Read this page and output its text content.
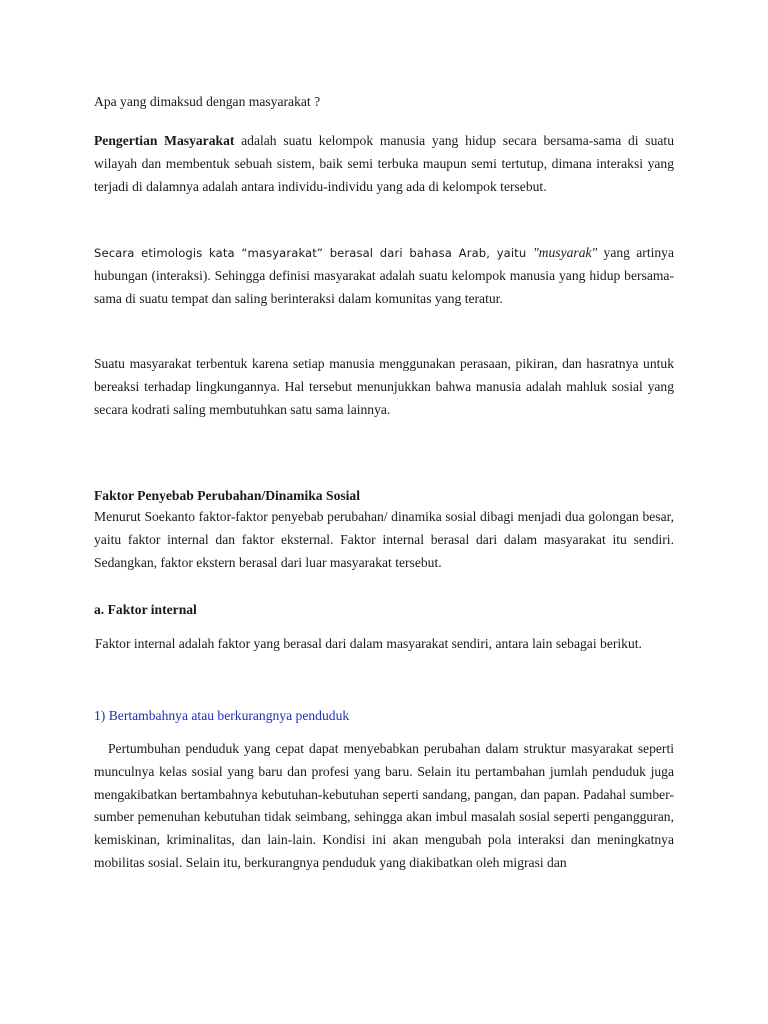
Apa yang dimaksud dengan masyarakat ?

Pengertian Masyarakat adalah suatu kelompok manusia yang hidup secara bersama-sama di suatu wilayah dan membentuk sebuah sistem, baik semi terbuka maupun semi tertutup, dimana interaksi yang terjadi di dalamnya adalah antara individu-individu yang ada di kelompok tersebut.

Secara etimologis kata “masyarakat” berasal dari bahasa Arab, yaitu "musyarak" yang artinya hubungan (interaksi). Sehingga definisi masyarakat adalah suatu kelompok manusia yang hidup bersama-sama di suatu tempat dan saling berinteraksi dalam komunitas yang teratur.

Suatu masyarakat terbentuk karena setiap manusia menggunakan perasaan, pikiran, dan hasratnya untuk bereaksi terhadap lingkungannya. Hal tersebut menunjukkan bahwa manusia adalah mahluk sosial yang secara kodrati saling membutuhkan satu sama lainnya.

Faktor Penyebab Perubahan/Dinamika Sosial

Menurut Soekanto faktor-faktor penyebab perubahan/ dinamika sosial dibagi menjadi dua golongan besar, yaitu faktor internal dan faktor eksternal. Faktor internal berasal dari dalam masyarakat itu sendiri. Sedangkan, faktor ekstern berasal dari luar masyarakat tersebut.

a. Faktor internal

Faktor internal adalah faktor yang berasal dari dalam masyarakat sendiri, antara lain sebagai berikut.

1) Bertambahnya atau berkurangnya penduduk

Pertumbuhan penduduk yang cepat dapat menyebabkan perubahan dalam struktur masyarakat seperti munculnya kelas sosial yang baru dan profesi yang baru. Selain itu pertambahan jumlah penduduk juga mengakibatkan bertambahnya kebutuhan-kebutuhan seperti sandang, pangan, dan papan. Padahal sumber-sumber pemenuhan kebutuhan tidak seimbang, sehingga akan imbul masalah sosial seperti pengangguran, kemiskinan, kriminalitas, dan lain-lain. Kondisi ini akan mengubah pola interaksi dan meningkatnya mobilitas sosial. Selain itu, berkurangnya penduduk yang diakibatkan oleh migrasi dan
